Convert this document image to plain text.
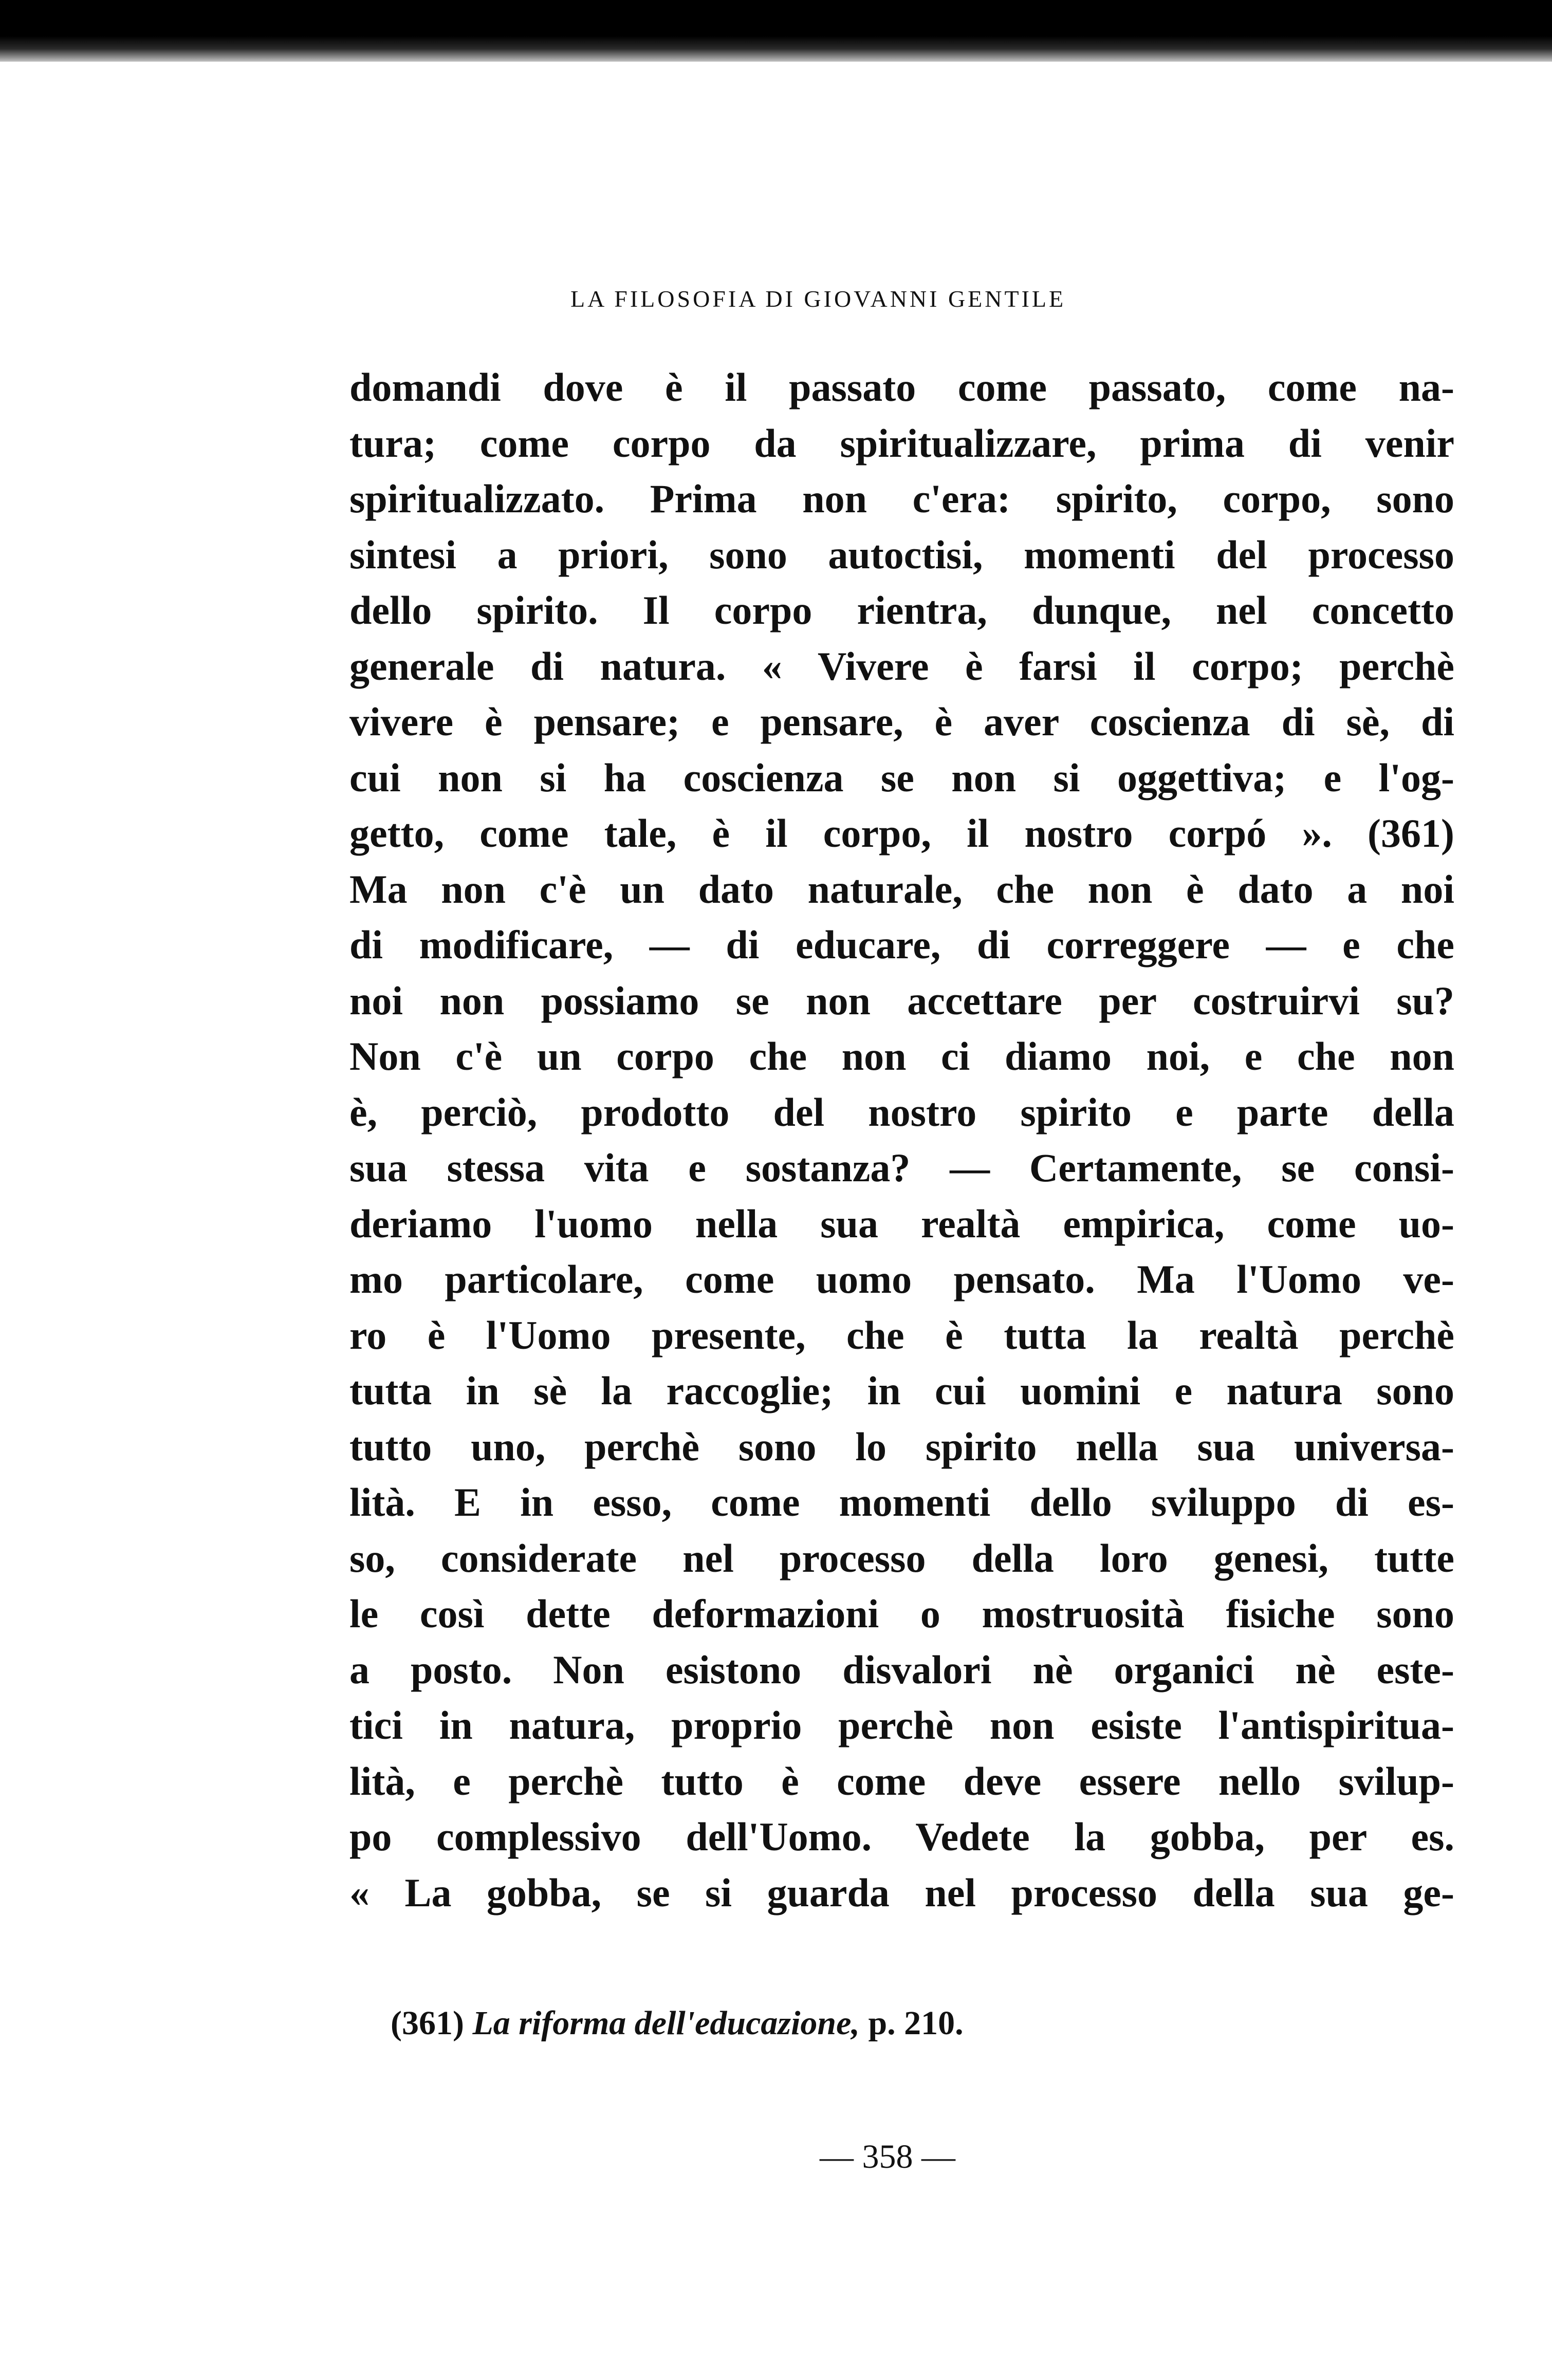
LA FILOSOFIA DI GIOVANNI GENTILE
domandi dove è il passato come passato, come na-
tura; come corpo da spiritualizzare, prima di venir
spiritualizzato. Prima non c'era: spirito, corpo, sono
sintesi a priori, sono autoctisi, momenti del processo
dello spirito. Il corpo rientra, dunque, nel concetto
generale di natura. « Vivere è farsi il corpo; perchè
vivere è pensare; e pensare, è aver coscienza di sè, di
cui non si ha coscienza se non si oggettiva; e l'og-
getto, come tale, è il corpo, il nostro corpó ». (361)
Ma non c'è un dato naturale, che non è dato a noi
di modificare, — di educare, di correggere — e che
noi non possiamo se non accettare per costruirvi su?
Non c'è un corpo che non ci diamo noi, e che non
è, perciò, prodotto del nostro spirito e parte della
sua stessa vita e sostanza? — Certamente, se consi-
deriamo l'uomo nella sua realtà empirica, come uo-
mo particolare, come uomo pensato. Ma l'Uomo ve-
ro è l'Uomo presente, che è tutta la realtà perchè
tutta in sè la raccoglie; in cui uomini e natura sono
tutto uno, perchè sono lo spirito nella sua universa-
lità. E in esso, come momenti dello sviluppo di es-
so, considerate nel processo della loro genesi, tutte
le così dette deformazioni o mostruosità fisiche sono
a posto. Non esistono disvalori nè organici nè este-
tici in natura, proprio perchè non esiste l'antispiritua-
lità, e perchè tutto è come deve essere nello svilup-
po complessivo dell'Uomo. Vedete la gobba, per es.
« La gobba, se si guarda nel processo della sua ge-
(361) La riforma dell'educazione, p. 210.
— 358 —
